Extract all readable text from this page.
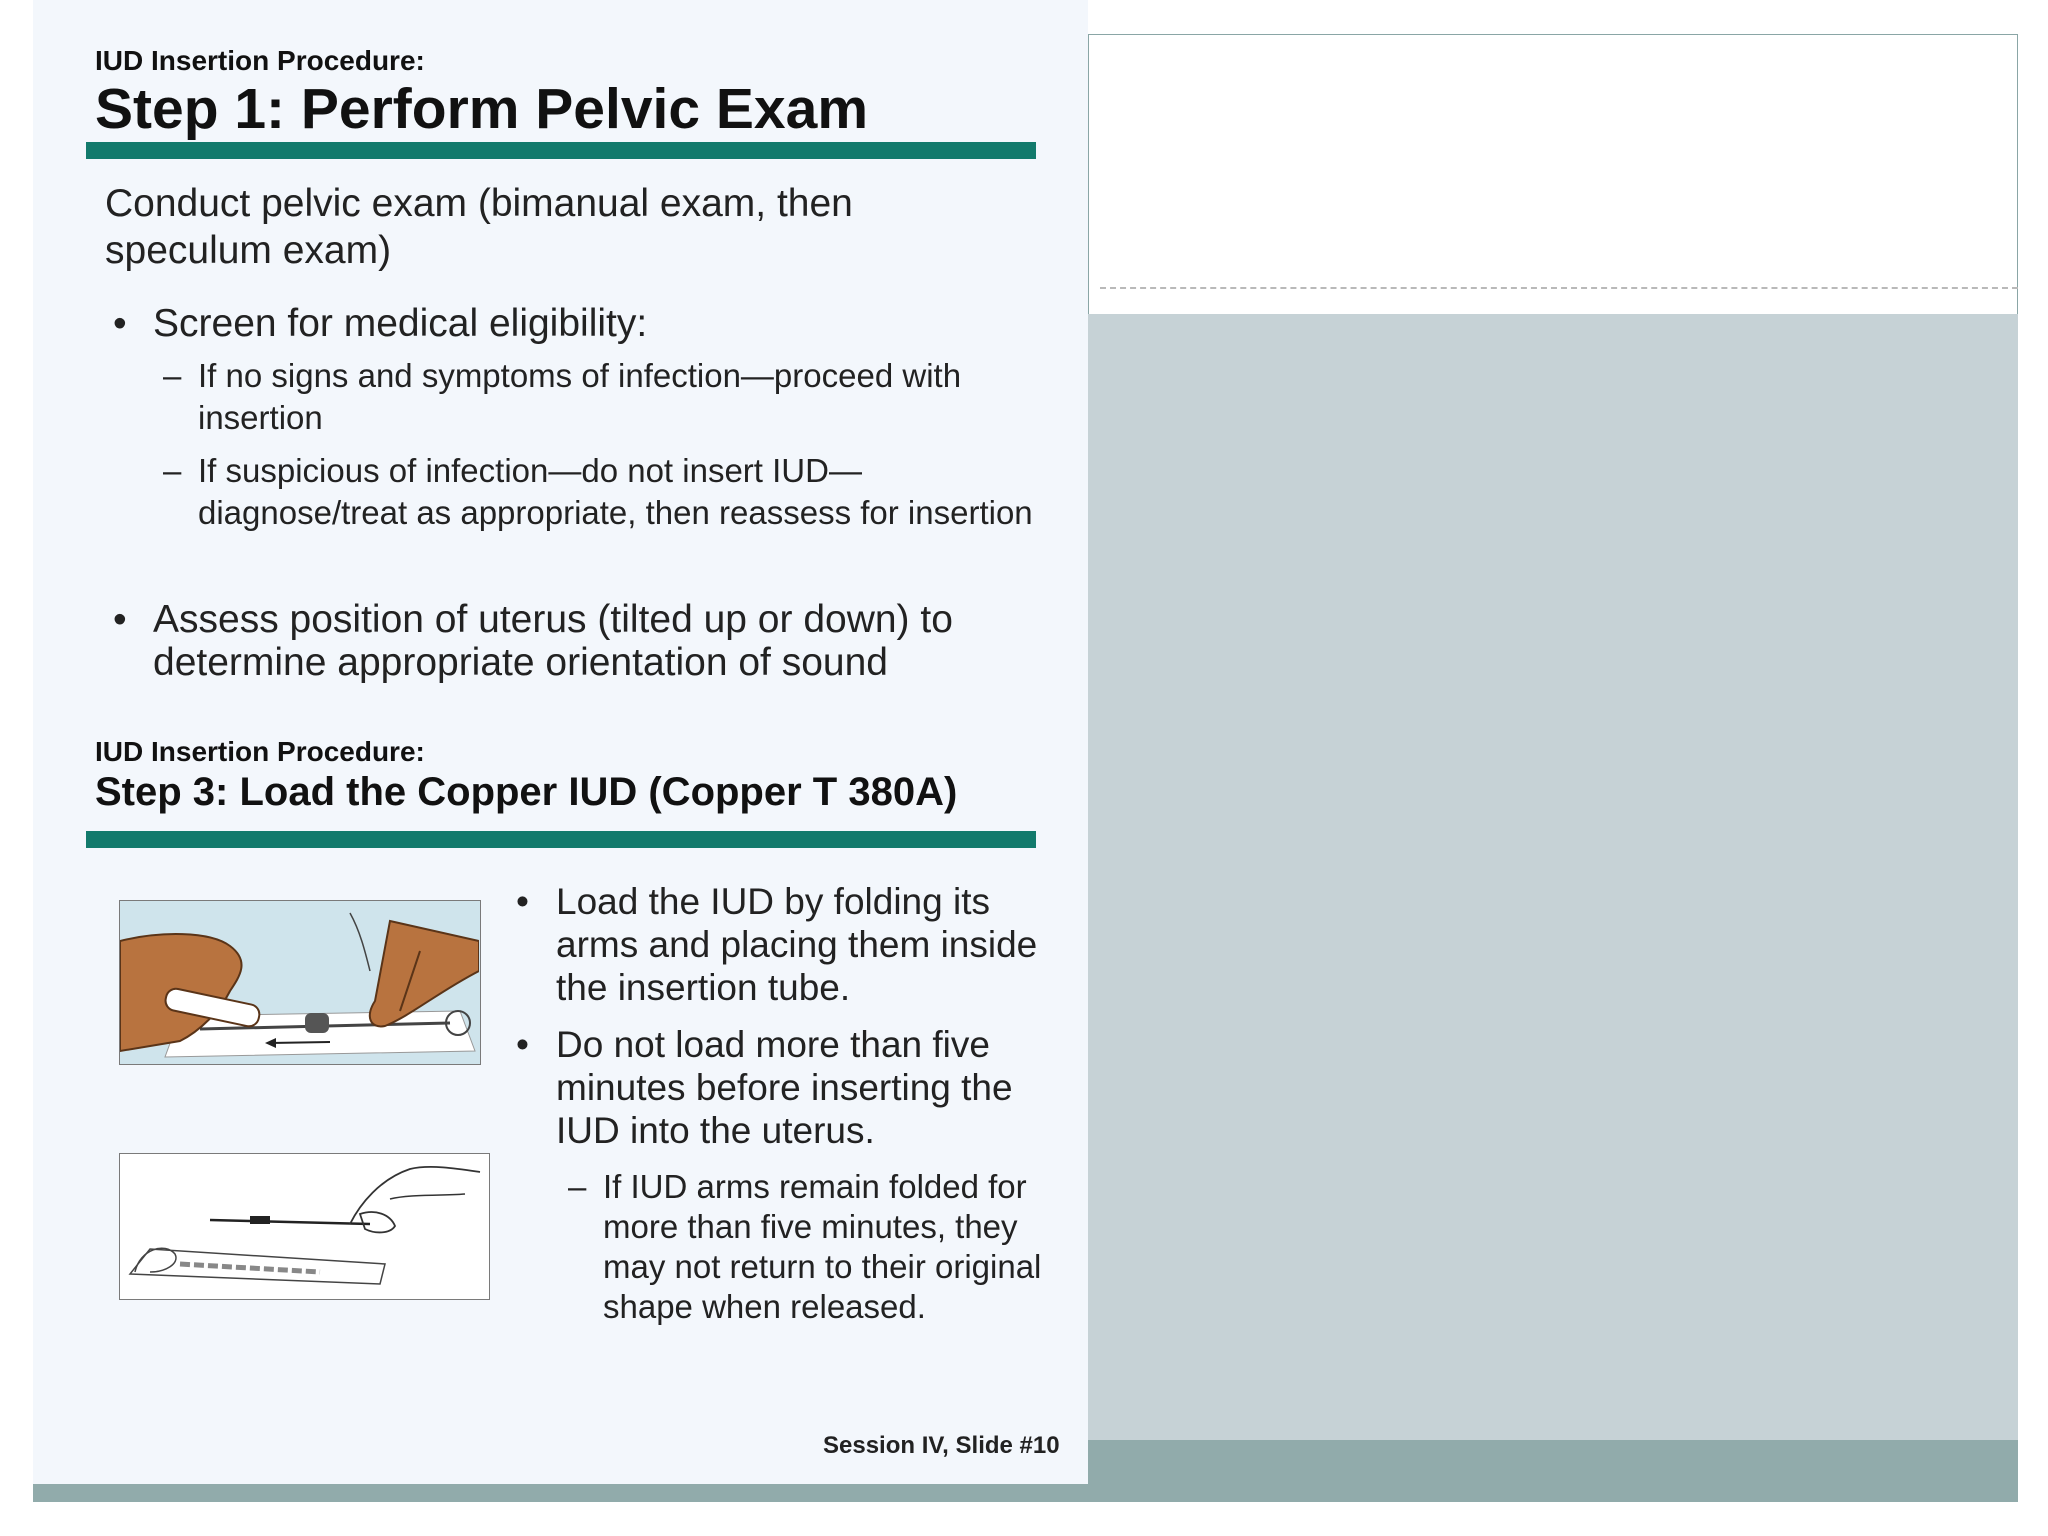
IUD Insertion Procedure:
Step 1: Perform Pelvic Exam
Conduct pelvic exam (bimanual exam, then speculum exam)
• Screen for medical eligibility:
– If no signs and symptoms of infection—proceed with insertion
– If suspicious of infection—do not insert IUD—diagnose/treat as appropriate, then reassess for insertion
• Assess position of uterus (tilted up or down) to determine appropriate orientation of sound
IUD Insertion Procedure:
Step 3: Load the Copper IUD (Copper T 380A)
• Load the IUD by folding its arms and placing them inside the insertion tube.
• Do not load more than five minutes before inserting the IUD into the uterus.
– If IUD arms remain folded for more than five minutes, they may not return to their original shape when released.
Session IV, Slide #10
